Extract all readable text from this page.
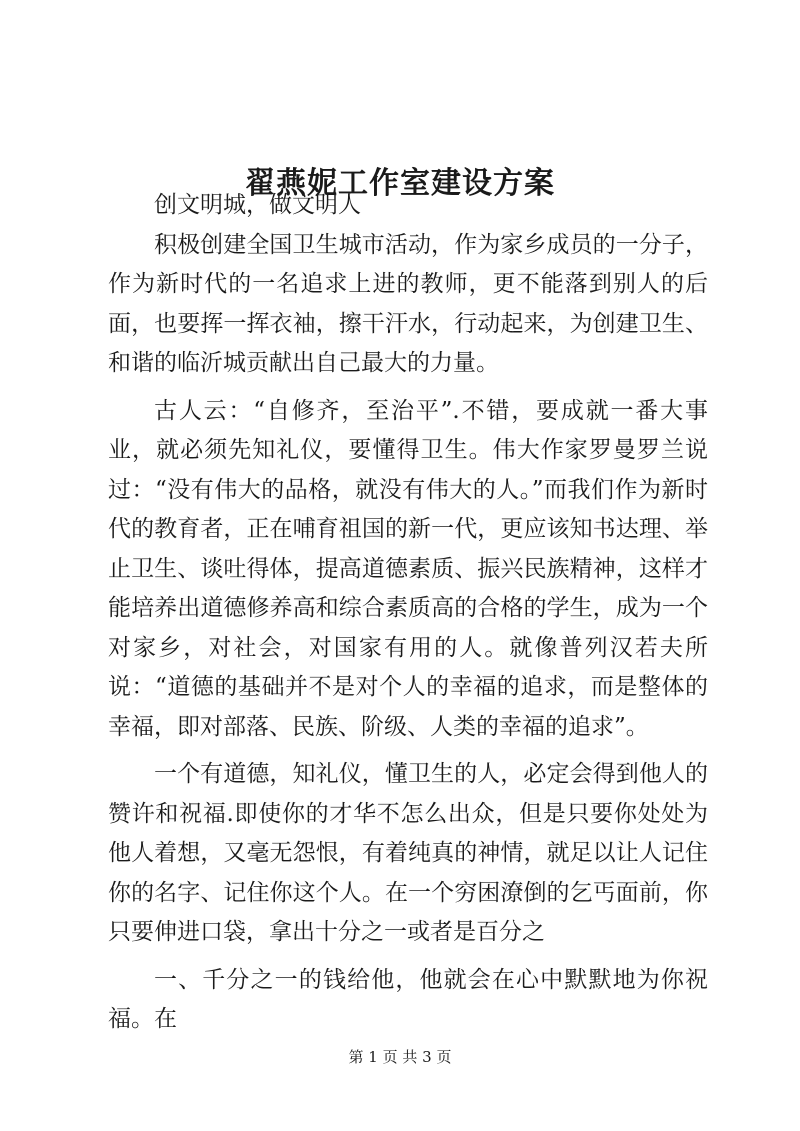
翟燕妮工作室建设方案

创文明城，做文明人

积极创建全国卫生城市活动，作为家乡成员的一分子，作为新时代的一名追求上进的教师，更不能落到别人的后面，也要挥一挥衣袖，擦干汗水，行动起来，为创建卫生、和谐的临沂城贡献出自己最大的力量。

古人云：“自修齐，至治平”.不错，要成就一番大事业，就必须先知礼仪，要懂得卫生。伟大作家罗曼罗兰说过：“没有伟大的品格，就没有伟大的人。”而我们作为新时代的教育者，正在哺育祖国的新一代，更应该知书达理、举止卫生、谈吐得体，提高道德素质、振兴民族精神，这样才能培养出道德修养高和综合素质高的合格的学生，成为一个对家乡，对社会，对国家有用的人。就像普列汉若夫所说：“道德的基础并不是对个人的幸福的追求，而是整体的幸福，即对部落、民族、阶级、人类的幸福的追求”。

一个有道德，知礼仪，懂卫生的人，必定会得到他人的赞许和祝福.即使你的才华不怎么出众，但是只要你处处为他人着想，又毫无怨恨，有着纯真的神情，就足以让人记住你的名字、记住你这个人。在一个穷困潦倒的乞丐面前，你只要伸进口袋，拿出十分之一或者是百分之

一、千分之一的钱给他，他就会在心中默默地为你祝福。在

第 1 页 共 3 页
